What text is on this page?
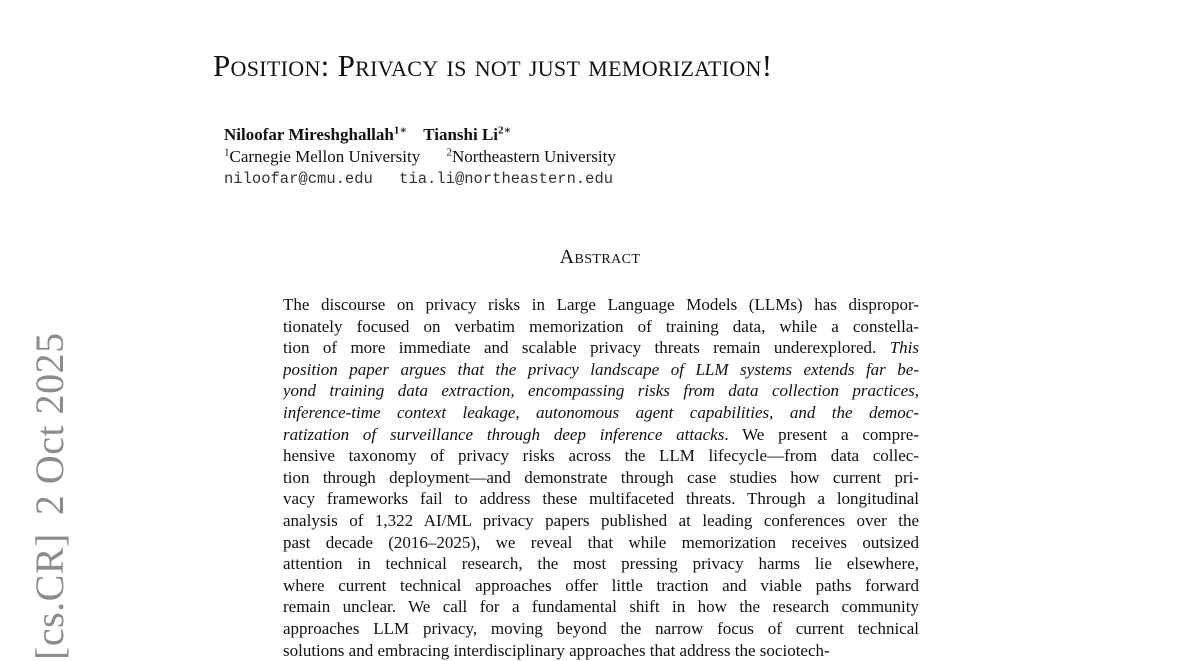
[cs.CR]2 Oct 2025
Position: Privacy is not just memorization!
Niloofar Mireshghallah$^{1∗}$ Tianshi $Li^{2∗}$
$^1$Carnegie Mellon University $^2$Northeastern University
niloofar@cmu.edu tia.li@northeastern.edu
Abstract
The discourse on privacy risks in Large Language Models (LLMs) has dispropor-
tionately focused on verbatim memorization of training data, while a constella-
tion of more immediate and scalable privacy threats remain underexplored. This
position paper argues that the privacy landscape of LLM systems extends far be-
yond training data extraction, encompassing risks from data collection practices,
inference-time context leakage, autonomous agent capabilities, and the democ-
ratization of surveillance through deep inference attacks. We present a compre-
hensive taxonomy of privacy risks across the LLM lifecycle—from data collec-
tion through deployment—and demonstrate through case studies how current pri-
vacy frameworks fail to address these multifaceted threats. Through a longitudinal
analysis of 1,322 AI/ML privacy papers published at leading conferences over the
past decade (2016–2025), we reveal that while memorization receives outsized
attention in technical research, the most pressing privacy harms lie elsewhere,
where current technical approaches offer little traction and viable paths forward
remain unclear. We call for a fundamental shift in how the research community
approaches LLM privacy, moving beyond the narrow focus of current technical
solutions and embracing interdisciplinary approaches that address the sociotech-
